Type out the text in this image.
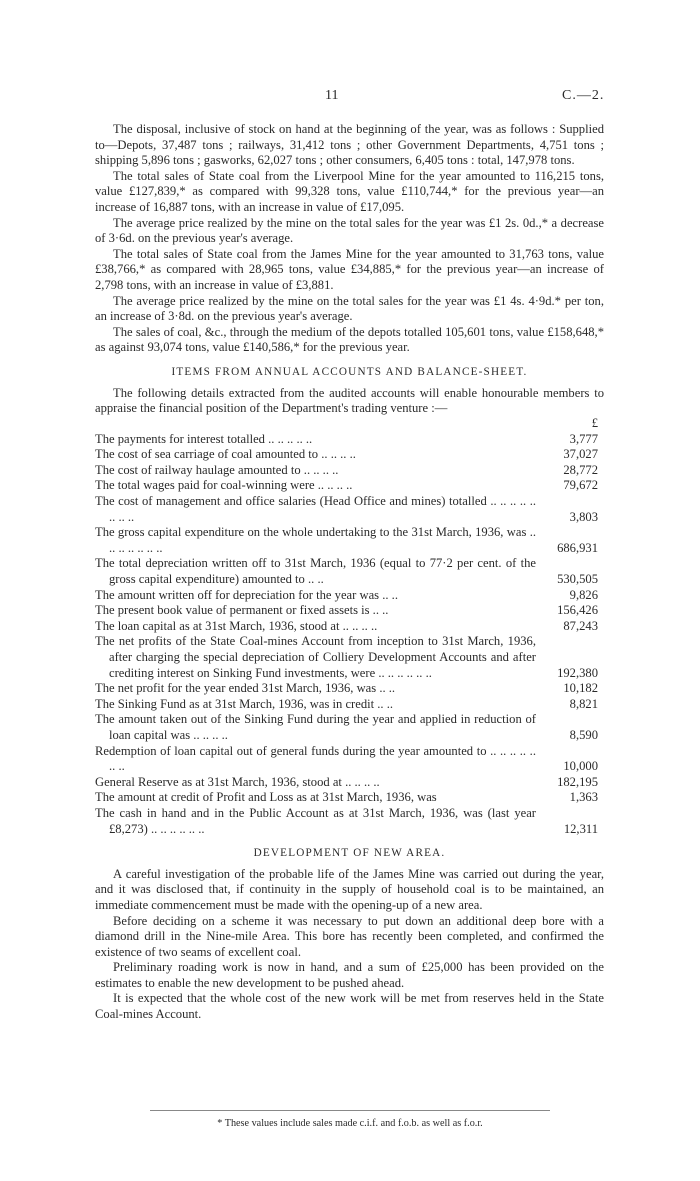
11	C.—2.

The disposal, inclusive of stock on hand at the beginning of the year, was as follows : Supplied to—Depots, 37,487 tons ; railways, 31,412 tons ; other Government Departments, 4,751 tons ; shipping 5,896 tons ; gasworks, 62,027 tons ; other consumers, 6,405 tons : total, 147,978 tons.

The total sales of State coal from the Liverpool Mine for the year amounted to 116,215 tons, value £127,839,* as compared with 99,328 tons, value £110,744,* for the previous year—an increase of 16,887 tons, with an increase in value of £17,095.

The average price realized by the mine on the total sales for the year was £1 2s. 0d.,* a decrease of 3·6d. on the previous year's average.

The total sales of State coal from the James Mine for the year amounted to 31,763 tons, value £38,766,* as compared with 28,965 tons, value £34,885,* for the previous year—an increase of 2,798 tons, with an increase in value of £3,881.

The average price realized by the mine on the total sales for the year was £1 4s. 4·9d.* per ton, an increase of 3·8d. on the previous year's average.

The sales of coal, &c., through the medium of the depots totalled 105,601 tons, value £158,648,* as against 93,074 tons, value £140,586,* for the previous year.

ITEMS FROM ANNUAL ACCOUNTS AND BALANCE-SHEET.

The following details extracted from the audited accounts will enable honourable members to appraise the financial position of the Department's trading venture :—

£
The payments for interest totalled .. .. .. .. ..	3,777
The cost of sea carriage of coal amounted to .. .. .. ..	37,027
The cost of railway haulage amounted to .. .. .. ..	28,772
The total wages paid for coal-winning were .. .. .. ..	79,672
The cost of management and office salaries (Head Office and mines) totalled .. .. .. .. .. .. .. ..	3,803
The gross capital expenditure on the whole undertaking to the 31st March, 1936, was .. .. .. .. .. .. ..	686,931
The total depreciation written off to 31st March, 1936 (equal to 77·2 per cent. of the gross capital expenditure) amounted to .. ..	530,505
The amount written off for depreciation for the year was .. ..	9,826
The present book value of permanent or fixed assets is .. ..	156,426
The loan capital as at 31st March, 1936, stood at .. .. .. ..	87,243
The net profits of the State Coal-mines Account from inception to 31st March, 1936, after charging the special depreciation of Colliery Development Accounts and after crediting interest on Sinking Fund investments, were .. .. .. .. .. ..	192,380
The net profit for the year ended 31st March, 1936, was .. ..	10,182
The Sinking Fund as at 31st March, 1936, was in credit .. ..	8,821
The amount taken out of the Sinking Fund during the year and applied in reduction of loan capital was .. .. .. ..	8,590
Redemption of loan capital out of general funds during the year amounted to .. .. .. .. .. .. ..	10,000
General Reserve as at 31st March, 1936, stood at .. .. .. ..	182,195
The amount at credit of Profit and Loss as at 31st March, 1936, was	1,363
The cash in hand and in the Public Account as at 31st March, 1936, was (last year £8,273) .. .. .. .. .. ..	12,311
DEVELOPMENT OF NEW AREA.

A careful investigation of the probable life of the James Mine was carried out during the year, and it was disclosed that, if continuity in the supply of household coal is to be maintained, an immediate commencement must be made with the opening-up of a new area.

Before deciding on a scheme it was necessary to put down an additional deep bore with a diamond drill in the Nine-mile Area. This bore has recently been completed, and confirmed the existence of two seams of excellent coal.

Preliminary roading work is now in hand, and a sum of £25,000 has been provided on the estimates to enable the new development to be pushed ahead.

It is expected that the whole cost of the new work will be met from reserves held in the State Coal-mines Account.

* These values include sales made c.i.f. and f.o.b. as well as f.o.r.
